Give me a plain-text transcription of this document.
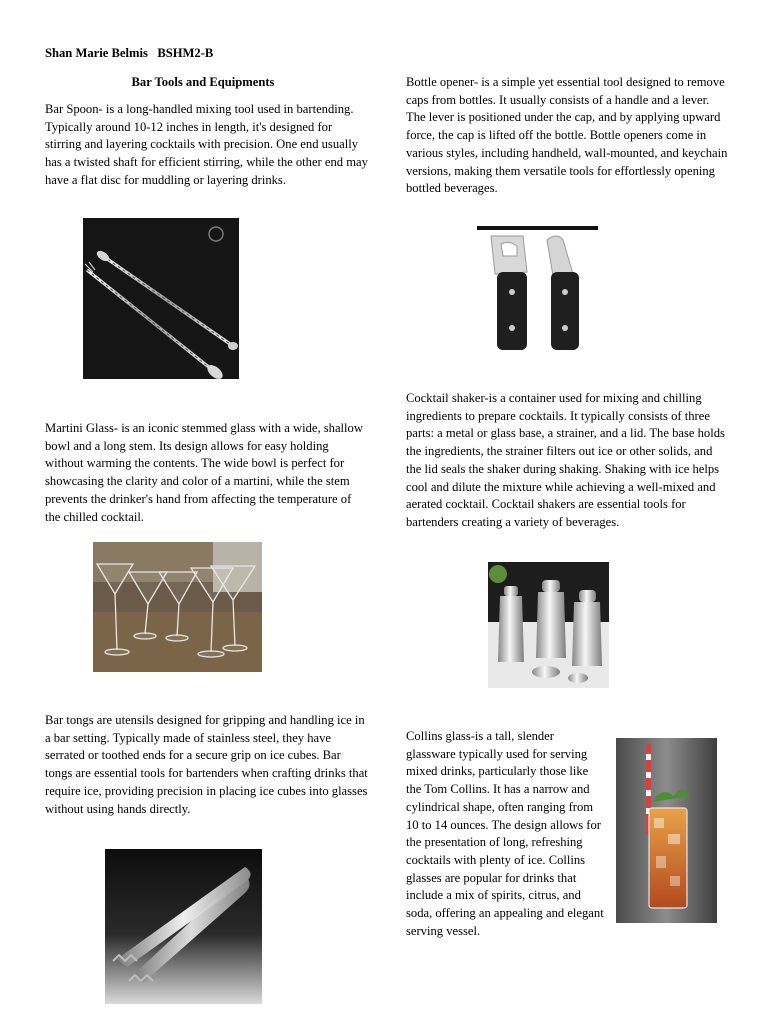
Shan Marie Belmis BSHM2-B
Bar Tools and Equipments

Bar Spoon- is a long-handled mixing tool used in bartending. Typically around 10-12 inches in length, it's designed for stirring and layering cocktails with precision. One end usually has a twisted shaft for efficient stirring, while the other end may have a flat disc for muddling or layering drinks.

Martini Glass- is an iconic stemmed glass with a wide, shallow bowl and a long stem. Its design allows for easy holding without warming the contents. The wide bowl is perfect for showcasing the clarity and color of a martini, while the stem prevents the drinker's hand from affecting the temperature of the chilled cocktail.

Bar tongs are utensils designed for gripping and handling ice in a bar setting. Typically made of stainless steel, they have serrated or toothed ends for a secure grip on ice cubes. Bar tongs are essential tools for bartenders when crafting drinks that require ice, providing precision in placing ice cubes into glasses without using hands directly.

Bottle opener- is a simple yet essential tool designed to remove caps from bottles. It usually consists of a handle and a lever. The lever is positioned under the cap, and by applying upward force, the cap is lifted off the bottle. Bottle openers come in various styles, including handheld, wall-mounted, and keychain versions, making them versatile tools for effortlessly opening bottled beverages.

Cocktail shaker-is a container used for mixing and chilling ingredients to prepare cocktails. It typically consists of three parts: a metal or glass base, a strainer, and a lid. The base holds the ingredients, the strainer filters out ice or other solids, and the lid seals the shaker during shaking. Shaking with ice helps cool and dilute the mixture while achieving a well-mixed and aerated cocktail. Cocktail shakers are essential tools for bartenders creating a variety of beverages.

Collins glass-is a tall, slender glassware typically used for serving mixed drinks, particularly those like the Tom Collins. It has a narrow and cylindrical shape, often ranging from 10 to 14 ounces. The design allows for the presentation of long, refreshing cocktails with plenty of ice. Collins glasses are popular for drinks that include a mix of spirits, citrus, and soda, offering an appealing and elegant serving vessel.
